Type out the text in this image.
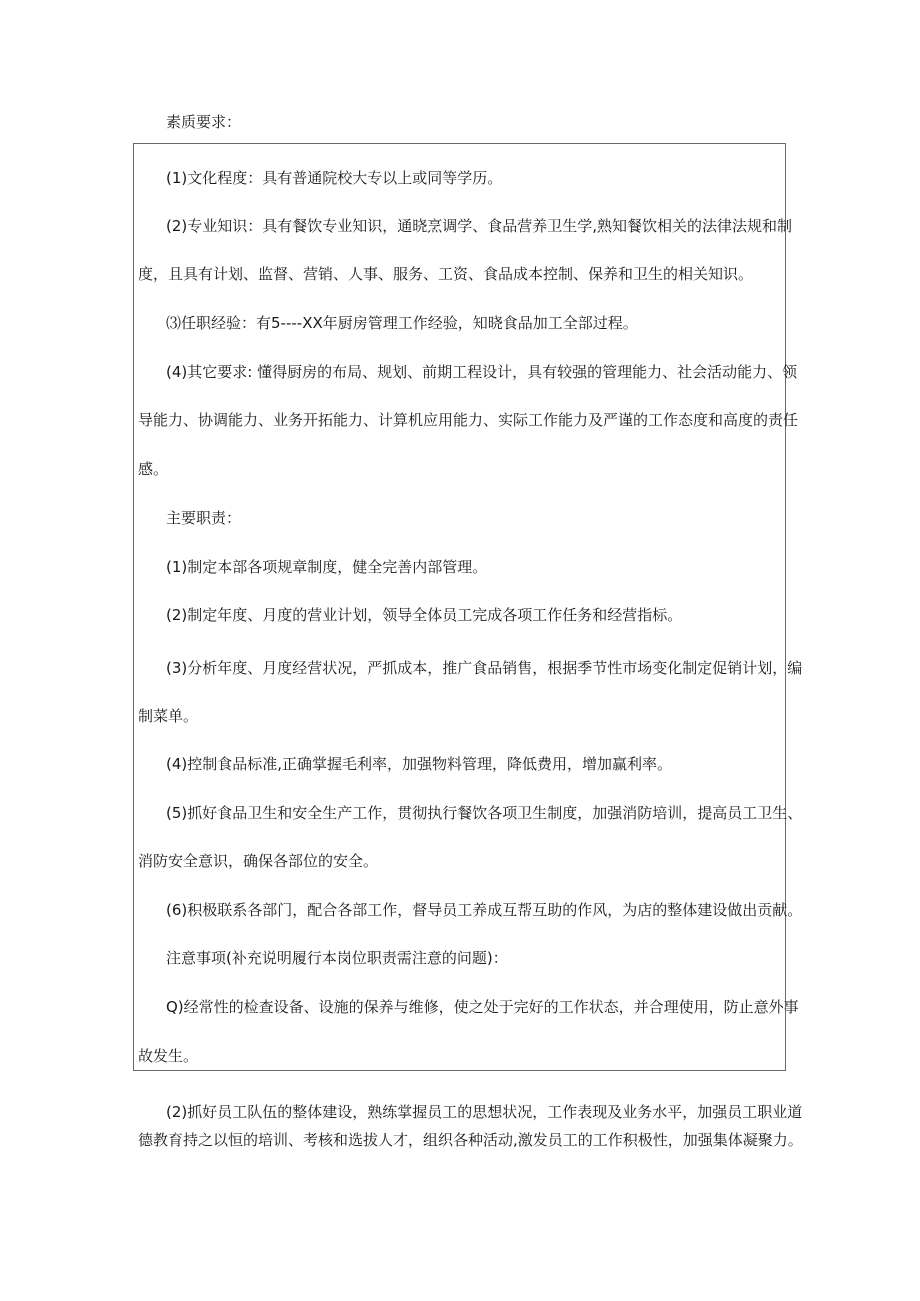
素质要求：

(1)文化程度：具有普通院校大专以上或同等学历。

(2)专业知识：具有餐饮专业知识，通晓烹调学、食品营养卫生学,熟知餐饮相关的法律法规和制

度，且具有计划、监督、营销、人事、服务、工资、食品成本控制、保养和卫生的相关知识。

⑶任职经验：有5----XX年厨房管理工作经验，知晓食品加工全部过程。

(4)其它要求: 懂得厨房的布局、规划、前期工程设计，具有较强的管理能力、社会活动能力、领

导能力、协调能力、业务开拓能力、计算机应用能力、实际工作能力及严谨的工作态度和高度的责任

感。

主要职责：

(1)制定本部各项规章制度，健全完善内部管理。

(2)制定年度、月度的营业计划，领导全体员工完成各项工作任务和经营指标。

(3)分析年度、月度经营状况，严抓成本，推广食品销售，根据季节性市场变化制定促销计划，编

制菜单。

(4)控制食品标准,正确掌握毛利率，加强物料管理，降低费用，增加赢利率。

(5)抓好食品卫生和安全生产工作，贯彻执行餐饮各项卫生制度，加强消防培训，提高员工卫生、

消防安全意识，确保各部位的安全。

(6)积极联系各部门，配合各部工作，督导员工养成互帮互助的作风，为店的整体建设做出贡献。

注意事项(补充说明履行本岗位职责需注意的问题)：

Q)经常性的检查设备、设施的保养与维修，使之处于完好的工作状态，并合理使用，防止意外事

故发生。

(2)抓好员工队伍的整体建设，熟练掌握员工的思想状况，工作表现及业务水平，加强员工职业道

德教育持之以恒的培训、考核和选拔人才，组织各种活动,激发员工的工作积极性，加强集体凝聚力。
